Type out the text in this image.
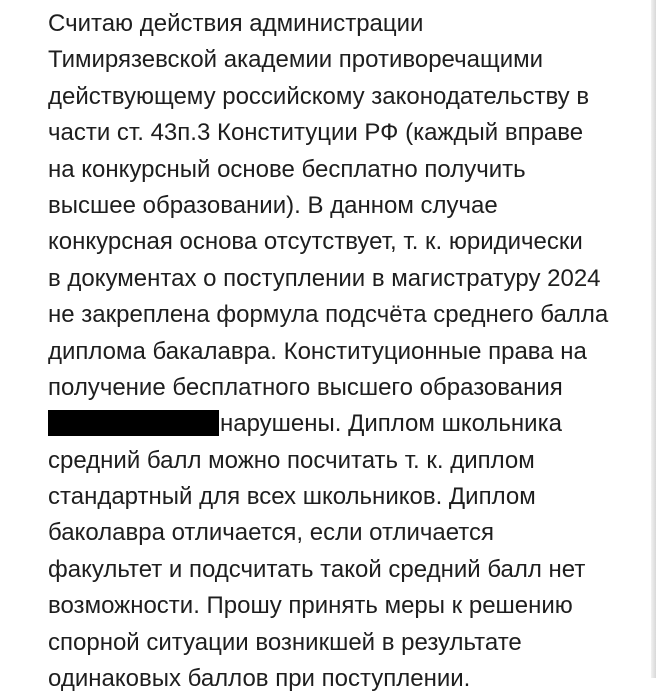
Считаю действия администрации
Тимирязевской академии противоречащими
действующему российскому законодательству в
части ст. 43п.3 Конституции РФ (каждый вправе
на конкурсный основе бесплатно получить
высшее образовании). В данном случае
конкурсная основа отсутствует, т. к. юридически
в документах о поступлении в магистратуру 2024
не закреплена формула подсчёта среднего балла
диплома бакалавра. Конституционные права на
получение бесплатного высшего образования
нарушены. Диплом школьника
средний балл можно посчитать т. к. диплом
стандартный для всех школьников. Диплом
баколавра отличается, если отличается
факультет и подсчитать такой средний балл нет
возможности. Прошу принять меры к решению
спорной ситуации возникшей в результате
одинаковых баллов при поступлении.
